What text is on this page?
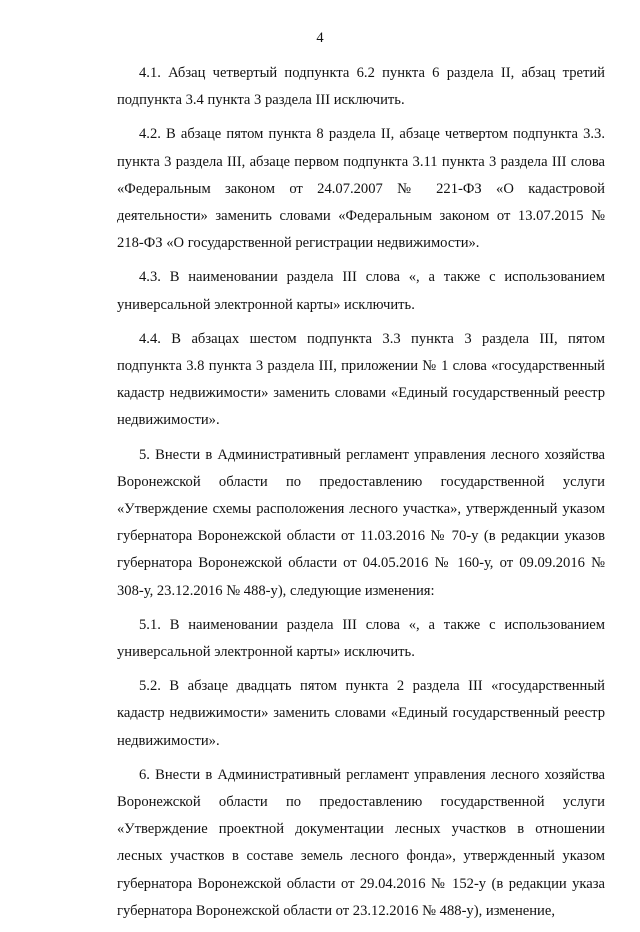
4

4.1. Абзац четвертый подпункта 6.2 пункта 6 раздела II, абзац третий подпункта 3.4 пункта 3 раздела III исключить.

4.2. В абзаце пятом пункта 8 раздела II, абзаце четвертом подпункта 3.3. пункта 3 раздела III, абзаце первом подпункта 3.11 пункта 3 раздела III слова «Федеральным законом от 24.07.2007 № 221-ФЗ «О кадастровой деятельности» заменить словами «Федеральным законом от 13.07.2015 № 218-ФЗ «О государственной регистрации недвижимости».

4.3. В наименовании раздела III слова «, а также с использованием универсальной электронной карты» исключить.

4.4. В абзацах шестом подпункта 3.3 пункта 3 раздела III, пятом подпункта 3.8 пункта 3 раздела III, приложении № 1 слова «государственный кадастр недвижимости» заменить словами «Единый государственный реестр недвижимости».

5. Внести в Административный регламент управления лесного хозяйства Воронежской области по предоставлению государственной услуги «Утверждение схемы расположения лесного участка», утвержденный указом губернатора Воронежской области от 11.03.2016 № 70-у (в редакции указов губернатора Воронежской области от 04.05.2016 № 160-у, от 09.09.2016 № 308-у, 23.12.2016 № 488-у), следующие изменения:

5.1. В наименовании раздела III слова «, а также с использованием универсальной электронной карты» исключить.

5.2. В абзаце двадцать пятом пункта 2 раздела III «государственный кадастр недвижимости» заменить словами «Единый государственный реестр недвижимости».

6. Внести в Административный регламент управления лесного хозяйства Воронежской области по предоставлению государственной услуги «Утверждение проектной документации лесных участков в отношении лесных участков в составе земель лесного фонда», утвержденный указом губернатора Воронежской области от 29.04.2016 № 152-у (в редакции указа губернатора Воронежской области от 23.12.2016 № 488-у), изменение,
